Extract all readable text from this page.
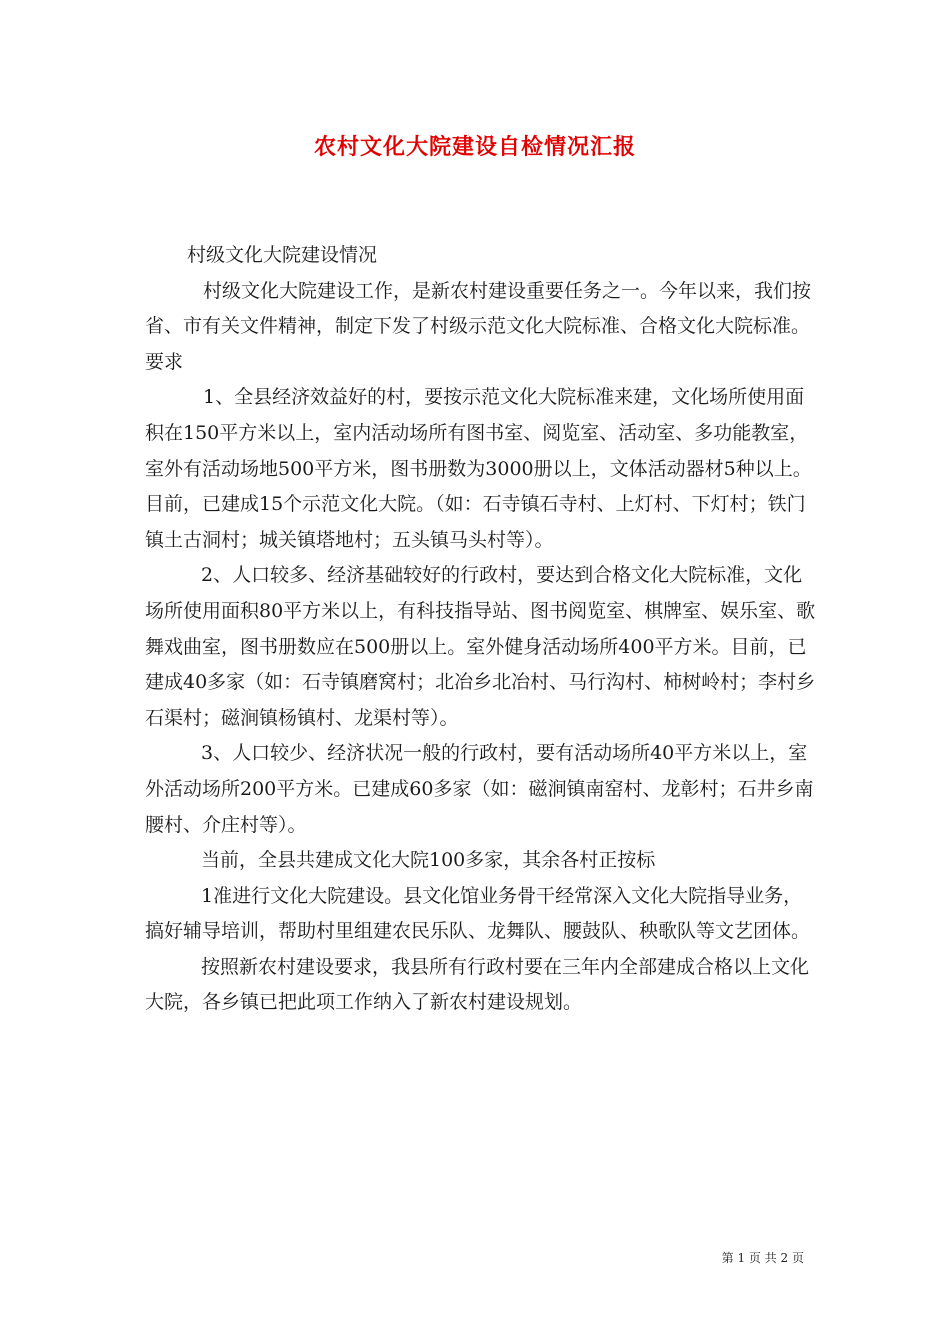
农村文化大院建设自检情况汇报

村级文化大院建设情况

村级文化大院建设工作，是新农村建设重要任务之一。今年以来，我们按省、市有关文件精神，制定下发了村级示范文化大院标准、合格文化大院标准。要求

1、全县经济效益好的村，要按示范文化大院标准来建，文化场所使用面积在150平方米以上，室内活动场所有图书室、阅览室、活动室、多功能教室，室外有活动场地500平方米，图书册数为3000册以上，文体活动器材5种以上。目前，已建成15个示范文化大院。（如：石寺镇石寺村、上灯村、下灯村；铁门镇土古洞村；城关镇塔地村；五头镇马头村等）。

2、人口较多、经济基础较好的行政村，要达到合格文化大院标准，文化场所使用面积80平方米以上，有科技指导站、图书阅览室、棋牌室、娱乐室、歌舞戏曲室，图书册数应在500册以上。室外健身活动场所400平方米。目前，已建成40多家（如：石寺镇磨窝村；北冶乡北冶村、马行沟村、柿树岭村；李村乡石渠村；磁涧镇杨镇村、龙渠村等）。

3、人口较少、经济状况一般的行政村，要有活动场所40平方米以上，室外活动场所200平方米。已建成60多家（如：磁涧镇南窑村、龙彰村；石井乡南腰村、介庄村等）。

当前，全县共建成文化大院100多家，其余各村正按标

1准进行文化大院建设。县文化馆业务骨干经常深入文化大院指导业务，搞好辅导培训，帮助村里组建农民乐队、龙舞队、腰鼓队、秧歌队等文艺团体。

按照新农村建设要求，我县所有行政村要在三年内全部建成合格以上文化大院，各乡镇已把此项工作纳入了新农村建设规划。

第 1 页 共 2 页
